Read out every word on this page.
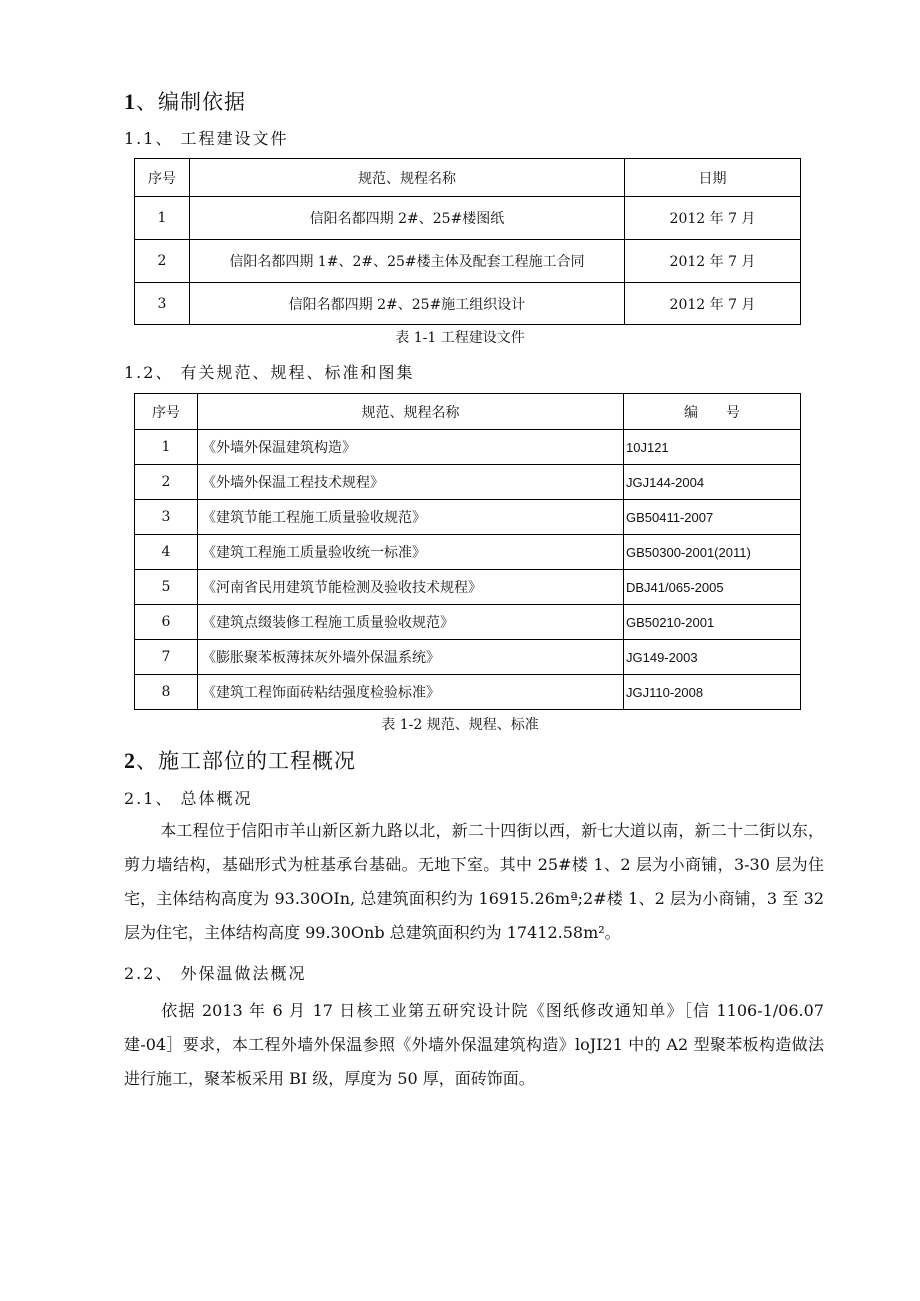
1、编制依据
1.1、 工程建设文件
序号	规范、规程名称	日期
1	信阳名都四期 2#、25#楼图纸	2012 年 7 月
2	信阳名都四期 1#、2#、25#楼主体及配套工程施工合同	2012 年 7 月
3	信阳名都四期 2#、25#施工组织设计	2012 年 7 月
表 1-1 工程建设文件
1.2、 有关规范、规程、标准和图集
序号	规范、规程名称	编　　号
1	《外墙外保温建筑构造》	10J121
2	《外墙外保温工程技术规程》	JGJ144-2004
3	《建筑节能工程施工质量验收规范》	GB50411-2007
4	《建筑工程施工质量验收统一标准》	GB50300-2001(2011)
5	《河南省民用建筑节能检测及验收技术规程》	DBJ41/065-2005
6	《建筑点缀装修工程施工质量验收规范》	GB50210-2001
7	《膨胀聚苯板薄抹灰外墙外保温系统》	JG149-2003
8	《建筑工程饰面砖粘结强度检验标准》	JGJ110-2008
表 1-2 规范、规程、标准
2、施工部位的工程概况
2.1、 总体概况

本工程位于信阳市羊山新区新九路以北，新二十四街以西，新七大道以南，新二十二街以东，剪力墙结构，基础形式为桩基承台基础。无地下室。其中 25#楼 1、2 层为小商铺，3-30 层为住宅，主体结构高度为 93.30OIn, 总建筑面积约为 16915.26mª;2#楼 1、2 层为小商铺，3 至 32 层为住宅，主体结构高度 99.30Onb 总建筑面积约为 17412.58m²。

2.2、 外保温做法概况

依据 2013 年 6 月 17 日核工业第五研究设计院《图纸修改通知单》［信 1106-1/06.07 建-04］要求，本工程外墙外保温参照《外墙外保温建筑构造》loJI21 中的 A2 型聚苯板构造做法进行施工，聚苯板采用 BI 级，厚度为 50 厚，面砖饰面。
